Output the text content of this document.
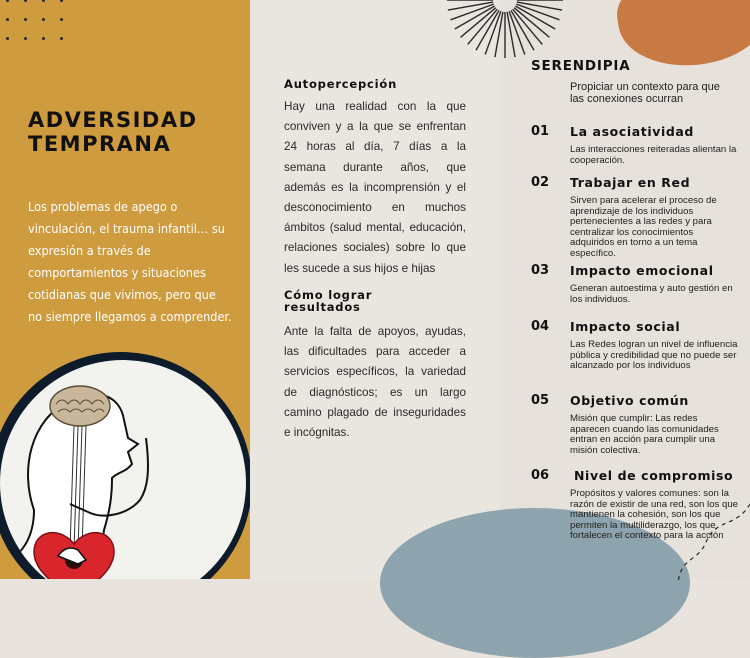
ADVERSIDAD
TEMPRANA

Los problemas de apego o vinculación, el trauma infantil… su expresión a través de comportamientos y situaciones cotidianas que vivimos, pero que no siempre llegamos a comprender.

Autopercepción

Hay una realidad con la que conviven y a la que se enfrentan 24 horas al día, 7 días a la semana durante años, que además es la incomprensión y el desconocimiento en muchos ámbitos (salud mental, educación, relaciones sociales) sobre lo que les sucede a sus hijos e hijas

Cómo lograr
resultados

Ante la falta de apoyos, ayudas, las dificultades para acceder a servicios específicos, la variedad de diagnósticos; es un largo camino plagado de inseguridades e incógnitas.

SERENDIPIA

Propiciar un contexto para que las conexiones ocurran

01 La asociatividad

Las interacciones reiteradas alientan la cooperación.

02 Trabajar en Red

Sirven para acelerar el proceso de aprendizaje de los individuos pertenecientes a las redes y para centralizar los conocimientos adquiridos en torno a un tema específico.

03 Impacto emocional

Generan autoestima y auto gestión en los individuos.

04 Impacto social

Las Redes logran un nivel de influencia pública y credibilidad que no puede ser alcanzado por los individuos

05 Objetivo común

Misión que cumplir: Las redes aparecen cuando las comunidades entran en acción para cumplir una misión colectiva.

06 Nivel de compromiso

Propósitos y valores comunes: son la razón de existir de una red, son los que mantienen la cohesión, son los que permiten la multiliderazgo, los que fortalecen el contexto para la acción
